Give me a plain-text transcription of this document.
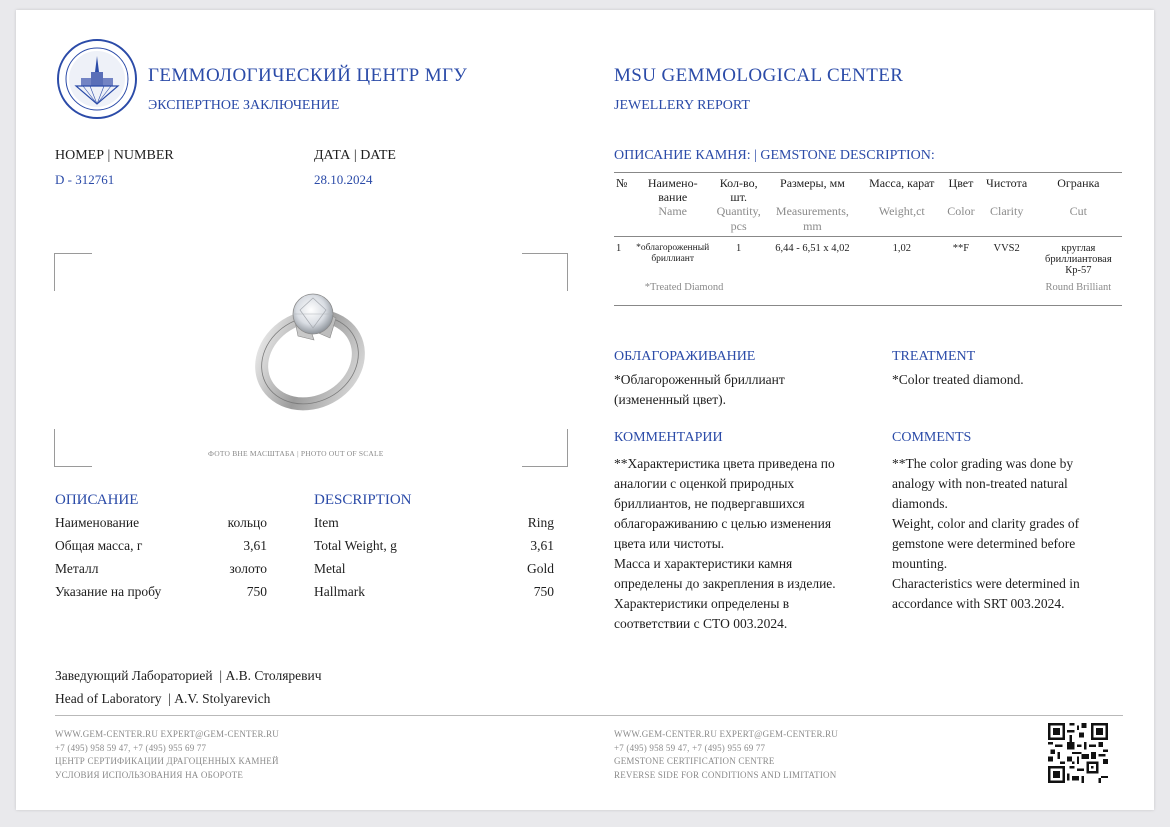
ГЕММОЛОГИЧЕСКИЙ ЦЕНТР МГУ
ЭКСПЕРТНОЕ ЗАКЛЮЧЕНИЕ
MSU GEMMOLOGICAL CENTER
JEWELLERY REPORT
НОМЕР | NUMBER
D - 312761
ДАТА | DATE
28.10.2024
ФОТО ВНЕ МАСШТАБА | PHOTO OUT OF SCALE
ОПИСАНИЕ	DESCRIPTION
Наименование	кольцо
Общая масса, г	3,61
Металл	золото
Указание на пробу	750
Item	Ring
Total Weight, g	3,61
Metal	Gold
Hallmark	750
ОПИСАНИЕ КАМНЯ: | GEMSTONE DESCRIPTION:
№	Наимено-вание	Кол-во, шт.	Размеры, мм	Масса, карат	Цвет	Чистота	Огранка
	Name	Quantity, pcs	Measurements, mm	Weight,ct	Color	Clarity	Cut
1	*облагороженный бриллиант	1	6,44 - 6,51 x 4,02	1,02	**F	VVS2	круглая бриллиантовая Кр-57
	*Treated Diamond						Round Brilliant
ОБЛАГОРАЖИВАНИЕ
*Облагороженный бриллиант (измененный цвет).
TREATMENT
*Color treated diamond.
КОММЕНТАРИИ
**Характеристика цвета приведена по
аналогии с оценкой природных
бриллиантов, не подвергавшихся
облагораживанию с целью изменения
цвета или чистоты.
Масса и характеристики камня
определены до закрепления в изделие.
Характеристики определены в
соответствии с СТО 003.2024.
COMMENTS
**The color grading was done by
analogy with non-treated natural
diamonds.
Weight, color and clarity grades of
gemstone were determined before
mounting.
Characteristics were determined in
accordance with SRT 003.2024.
Заведующий Лабораторией  | А.В. Столяревич
Head of Laboratory  | A.V. Stolyarevich
WWW.GEM-CENTER.RU EXPERT@GEM-CENTER.RU
+7 (495) 958 59 47, +7 (495) 955 69 77
ЦЕНТР СЕРТИФИКАЦИИ ДРАГОЦЕННЫХ КАМНЕЙ
УСЛОВИЯ ИСПОЛЬЗОВАНИЯ НА ОБОРОТЕ
WWW.GEM-CENTER.RU EXPERT@GEM-CENTER.RU
+7 (495) 958 59 47, +7 (495) 955 69 77
GEMSTONE CERTIFICATION CENTRE
REVERSE SIDE FOR CONDITIONS AND LIMITATION
